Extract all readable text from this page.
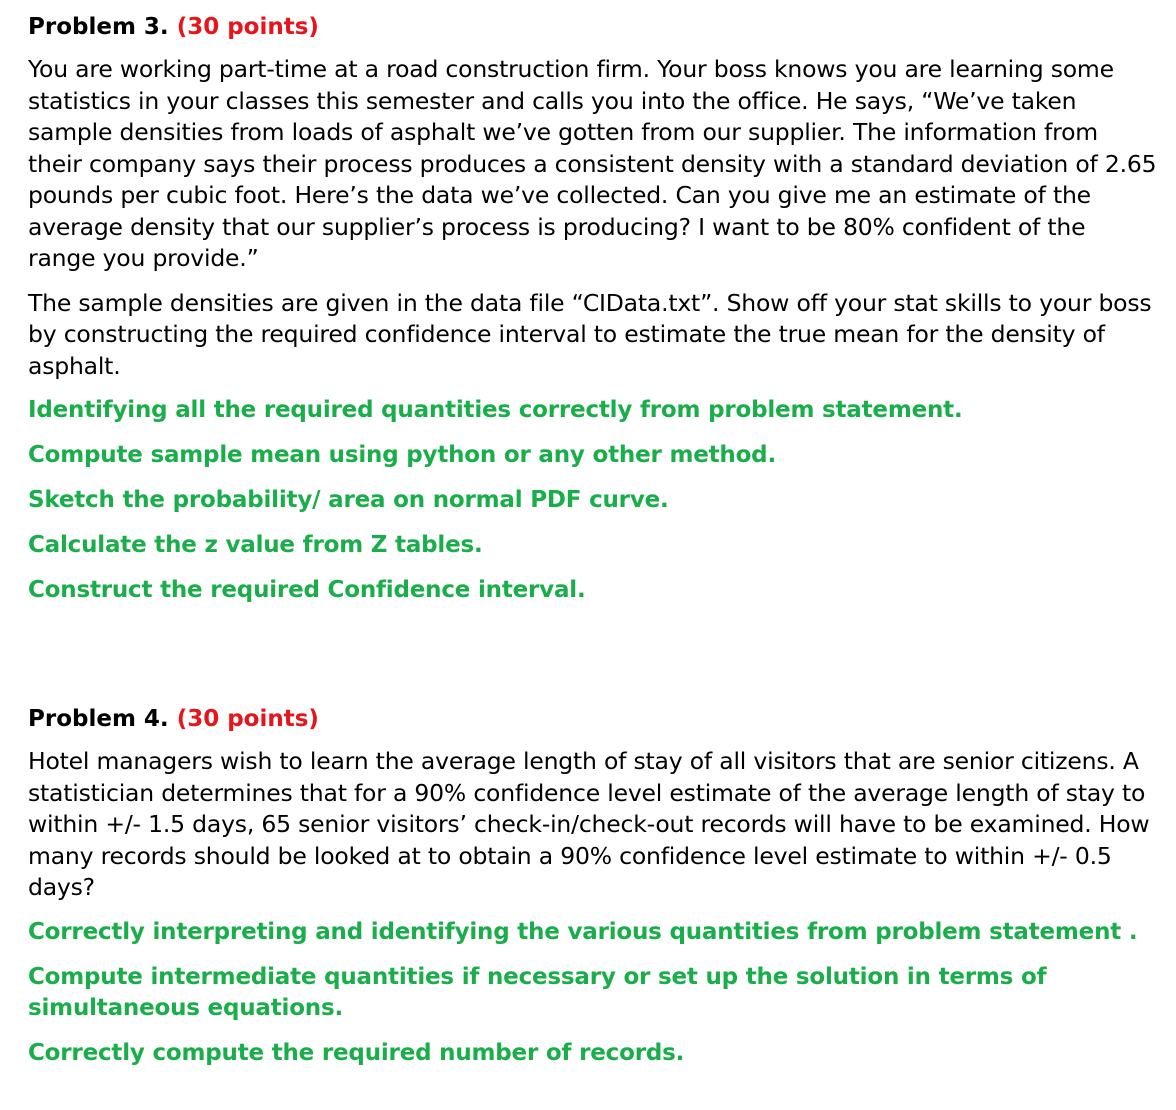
Problem 3. (30 points)

You are working part-time at a road construction firm. Your boss knows you are learning some statistics in your classes this semester and calls you into the office. He says, “We’ve taken sample densities from loads of asphalt we’ve gotten from our supplier. The information from their company says their process produces a consistent density with a standard deviation of 2.65 pounds per cubic foot. Here’s the data we’ve collected. Can you give me an estimate of the average density that our supplier’s process is producing? I want to be 80% confident of the range you provide.”

The sample densities are given in the data file “CIData.txt”. Show off your stat skills to your boss by constructing the required confidence interval to estimate the true mean for the density of asphalt.

Identifying all the required quantities correctly from problem statement.
Compute sample mean using python or any other method.
Sketch the probability/ area on normal PDF curve.
Calculate the z value from Z tables.
Construct the required Confidence interval.
Problem 4. (30 points)

Hotel managers wish to learn the average length of stay of all visitors that are senior citizens. A statistician determines that for a 90% confidence level estimate of the average length of stay to within +/- 1.5 days, 65 senior visitors’ check-in/check-out records will have to be examined. How many records should be looked at to obtain a 90% confidence level estimate to within +/- 0.5 days?

Correctly interpreting and identifying the various quantities from problem statement .
Compute intermediate quantities if necessary or set up the solution in terms of simultaneous equations.
Correctly compute the required number of records.
